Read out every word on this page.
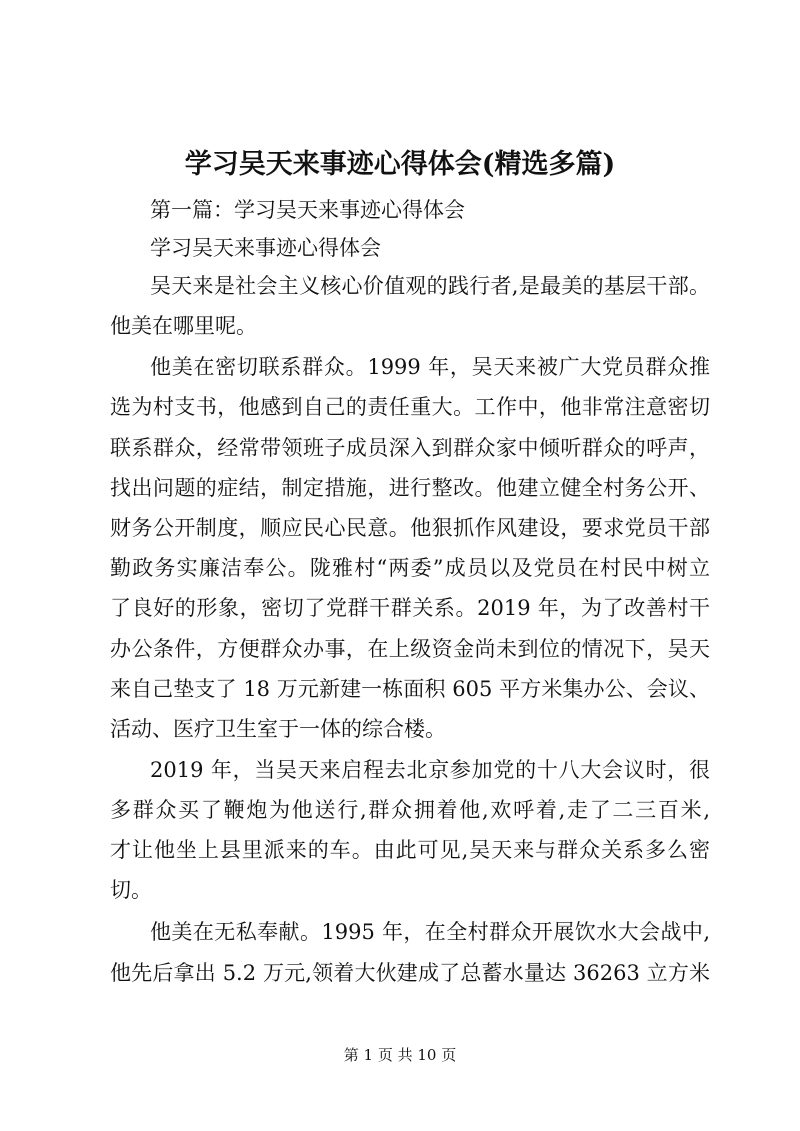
学习吴天来事迹心得体会(精选多篇)
第一篇：学习吴天来事迹心得体会
学习吴天来事迹心得体会
吴天来是社会主义核心价值观的践行者,是最美的基层干部。
他美在哪里呢。
他美在密切联系群众。1999 年，吴天来被广大党员群众推
选为村支书，他感到自己的责任重大。工作中，他非常注意密切
联系群众，经常带领班子成员深入到群众家中倾听群众的呼声，
找出问题的症结，制定措施，进行整改。他建立健全村务公开、
财务公开制度，顺应民心民意。他狠抓作风建设，要求党员干部
勤政务实廉洁奉公。陇雅村“两委”成员以及党员在村民中树立
了良好的形象，密切了党群干群关系。2019 年，为了改善村干
办公条件，方便群众办事，在上级资金尚未到位的情况下，吴天
来自己垫支了 18 万元新建一栋面积 605 平方米集办公、会议、
活动、医疗卫生室于一体的综合楼。
2019 年，当吴天来启程去北京参加党的十八大会议时，很
多群众买了鞭炮为他送行,群众拥着他,欢呼着,走了二三百米,
才让他坐上县里派来的车。由此可见,吴天来与群众关系多么密
切。
他美在无私奉献。1995 年，在全村群众开展饮水大会战中,
他先后拿出 5.2 万元,领着大伙建成了总蓄水量达 36263 立方米
第 1 页 共 10 页
